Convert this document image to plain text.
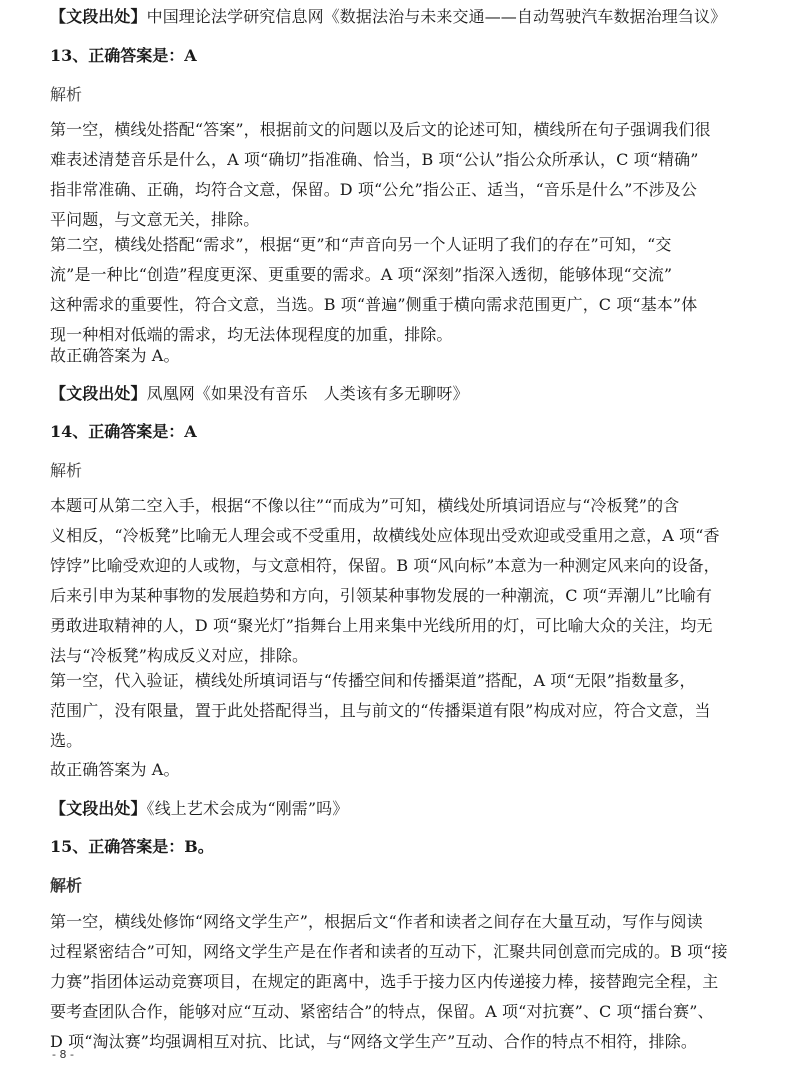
【文段出处】中国理论法学研究信息网《数据法治与未来交通——自动驾驶汽车数据治理刍议》
13、正确答案是：A
解析
第一空，横线处搭配“答案”，根据前文的问题以及后文的论述可知，横线所在句子强调我们很
难表述清楚音乐是什么，A 项“确切”指准确、恰当，B 项“公认”指公众所承认，C 项“精确”
指非常准确、正确，均符合文意，保留。D 项“公允”指公正、适当，“音乐是什么”不涉及公
平问题，与文意无关，排除。
第二空，横线处搭配“需求”，根据“更”和“声音向另一个人证明了我们的存在”可知，“交
流”是一种比“创造”程度更深、更重要的需求。A 项“深刻”指深入透彻，能够体现“交流”
这种需求的重要性，符合文意，当选。B 项“普遍”侧重于横向需求范围更广，C 项“基本”体
现一种相对低端的需求，均无法体现程度的加重，排除。
故正确答案为 A。
【文段出处】凤凰网《如果没有音乐　人类该有多无聊呀》
14、正确答案是：A
解析
本题可从第二空入手，根据“不像以往”“而成为”可知，横线处所填词语应与“冷板凳”的含
义相反，“冷板凳”比喻无人理会或不受重用，故横线处应体现出受欢迎或受重用之意，A 项“香
饽饽”比喻受欢迎的人或物，与文意相符，保留。B 项“风向标”本意为一种测定风来向的设备，
后来引申为某种事物的发展趋势和方向，引领某种事物发展的一种潮流，C 项“弄潮儿”比喻有
勇敢进取精神的人，D 项“聚光灯”指舞台上用来集中光线所用的灯，可比喻大众的关注，均无
法与“冷板凳”构成反义对应，排除。
第一空，代入验证，横线处所填词语与“传播空间和传播渠道”搭配，A 项“无限”指数量多，
范围广，没有限量，置于此处搭配得当，且与前文的“传播渠道有限”构成对应，符合文意，当
选。
故正确答案为 A。
【文段出处】《线上艺术会成为“刚需”吗》
15、正确答案是：B。
解析
第一空，横线处修饰“网络文学生产”，根据后文“作者和读者之间存在大量互动，写作与阅读
过程紧密结合”可知，网络文学生产是在作者和读者的互动下，汇聚共同创意而完成的。B 项“接
力赛”指团体运动竞赛项目，在规定的距离中，选手于接力区内传递接力棒，接替跑完全程，主
要考查团队合作，能够对应“互动、紧密结合”的特点，保留。A 项“对抗赛”、C 项“擂台赛”、
D 项“淘汰赛”均强调相互对抗、比试，与“网络文学生产”互动、合作的特点不相符，排除。
- 8 -
